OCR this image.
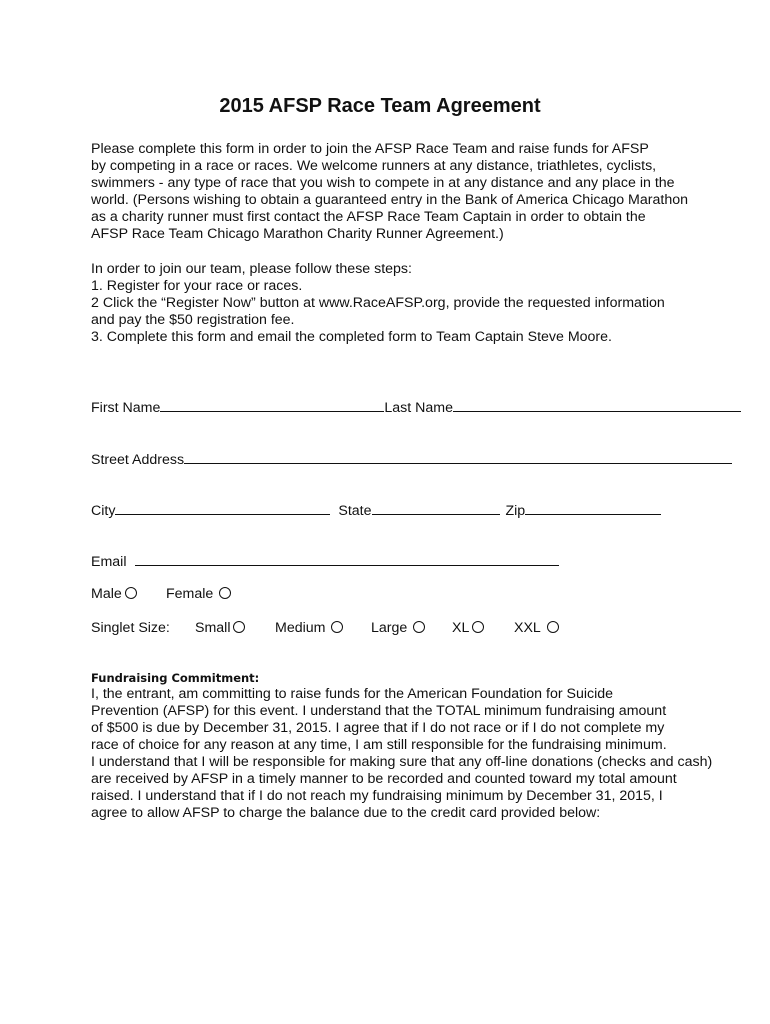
2015 AFSP Race Team Agreement
Please complete this form in order to join the AFSP Race Team and raise funds for AFSP
by competing in a race or races. We welcome runners at any distance, triathletes, cyclists,
swimmers - any type of race that you wish to compete in at any distance and any place in the
world. (Persons wishing to obtain a guaranteed entry in the Bank of America Chicago Marathon
as a charity runner must first contact the AFSP Race Team Captain in order to obtain the
AFSP Race Team Chicago Marathon Charity Runner Agreement.)
In order to join our team, please follow these steps:
1. Register for your race or races.
2 Click the “Register Now” button at www.RaceAFSP.org, provide the requested information
and pay the $50 registration fee.
3. Complete this form and email the completed form to Team Captain Steve Moore.
First Name	Last Name
Street Address
City	State	Zip
Email
Male	Female
Singlet Size: Small	Medium	Large	XL	XXL
Fundraising Commitment:
I, the entrant, am committing to raise funds for the American Foundation for Suicide
Prevention (AFSP) for this event. I understand that the TOTAL minimum fundraising amount
of $500 is due by December 31, 2015. I agree that if I do not race or if I do not complete my
race of choice for any reason at any time, I am still responsible for the fundraising minimum.
I understand that I will be responsible for making sure that any off-line donations (checks and cash)
are received by AFSP in a timely manner to be recorded and counted toward my total amount
raised. I understand that if I do not reach my fundraising minimum by December 31, 2015, I
agree to allow AFSP to charge the balance due to the credit card provided below:
